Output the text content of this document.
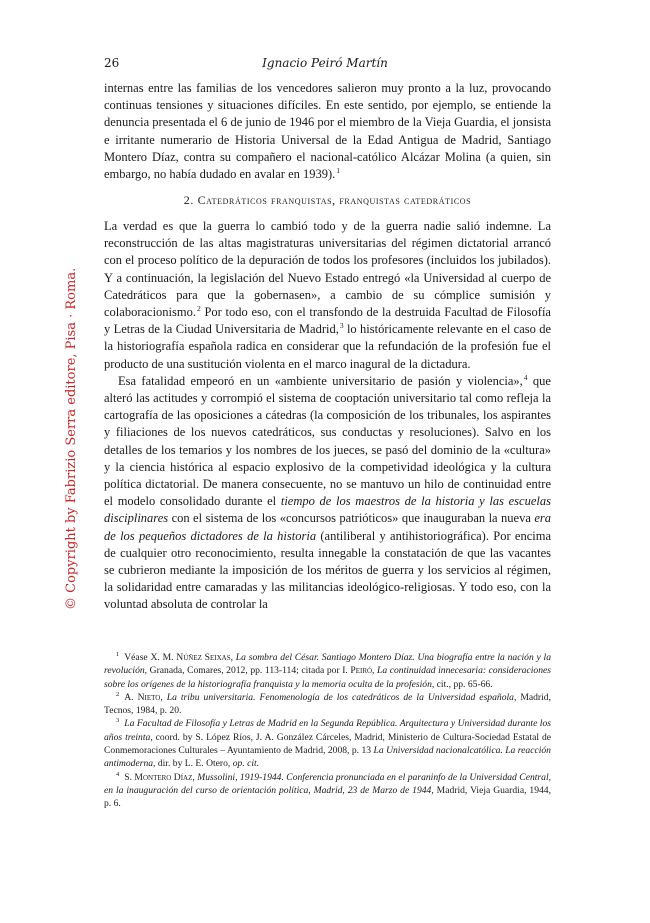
26	Ignacio Peiró Martín
© Copyright by Fabrizio Serra editore, Pisa · Roma.

internas entre las familias de los vencedores salieron muy pronto a la luz, provocando continuas tensiones y situaciones difíciles. En este sentido, por ejemplo, se entiende la denuncia presentada el 6 de junio de 1946 por el miembro de la Vieja Guardia, el jonsista e irritante numerario de Historia Universal de la Edad Antigua de Madrid, Santiago Montero Díaz, contra su compañero el nacional-católico Alcázar Molina (a quien, sin embargo, no había dudado en avalar en 1939).$^1$

2. Catedráticos franquistas, franquistas catedráticos

La verdad es que la guerra lo cambió todo y de la guerra nadie salió indemne. La reconstrucción de las altas magistraturas universitarias del régimen dictatorial arrancó con el proceso político de la depuración de todos los profesores (incluidos los jubilados). Y a continuación, la legislación del Nuevo Estado entregó «la Universidad al cuerpo de Catedráticos para que la gobernasen», a cambio de su cómplice sumisión y colaboracionismo.$^2$ Por todo eso, con el transfondo de la destruida Facultad de Filosofía y Letras de la Ciudad Universitaria de Madrid,$^3$ lo históricamente relevante en el caso de la historiografía española radica en considerar que la refundación de la profesión fue el producto de una sustitución violenta en el marco inagural de la dictadura.

Esa fatalidad empeoró en un «ambiente universitario de pasión y violencia»,$^4$ que alteró las actitudes y corrompió el sistema de cooptación universitario tal como refleja la cartografía de las oposiciones a cátedras (la composición de los tribunales, los aspirantes y filiaciones de los nuevos catedráticos, sus conductas y resoluciones). Salvo en los detalles de los temarios y los nombres de los jueces, se pasó del dominio de la «cultura» y la ciencia histórica al espacio explosivo de la competividad ideológica y la cultura política dictatorial. De manera consecuente, no se mantuvo un hilo de continuidad entre el modelo consolidado durante el tiempo de los maestros de la historia y las escuelas disciplinares con el sistema de los «concursos patrióticos» que inauguraban la nueva era de los pequeños dictadores de la historia (antiliberal y antihistoriográfica). Por encima de cualquier otro reconocimiento, resulta innegable la constatación de que las vacantes se cubrieron mediante la imposición de los méritos de guerra y los servicios al régimen, la solidaridad entre camaradas y las militancias ideológico-religiosas. Y todo eso, con la voluntad absoluta de controlar la

$^1$ Véase X. M. Núñez Seixas, La sombra del César. Santiago Montero Díaz. Una biografía entre la nación y la revolución, Granada, Comares, 2012, pp. 113-114; citada por I. Peiró, La continuidad innecesaria: consideraciones sobre los orígenes de la historiografía franquista y la memoria oculta de la profesión, cit., pp. 65-66.

$^2$ A. Nieto, La tribu universitaria. Fenomenología de los catedráticos de la Universidad española, Madrid, Tecnos, 1984, p. 20.

$^3$ La Facultad de Filosofía y Letras de Madrid en la Segunda República. Arquitectura y Universidad durante los años treinta, coord. by S. López Ríos, J. A. González Cárceles, Madrid, Ministerio de Cultura-Sociedad Estatal de Conmemoraciones Culturales – Ayuntamiento de Madrid, 2008, p. 13 La Universidad nacionalcatólica. La reacción antimoderna, dir. by L. E. Otero, op. cit.

$^4$ S. Montero Díaz, Mussolini, 1919-1944. Conferencia pronunciada en el paraninfo de la Universidad Central, en la inauguración del curso de orientación política, Madrid, 23 de Marzo de 1944, Madrid, Vieja Guardia, 1944, p. 6.
